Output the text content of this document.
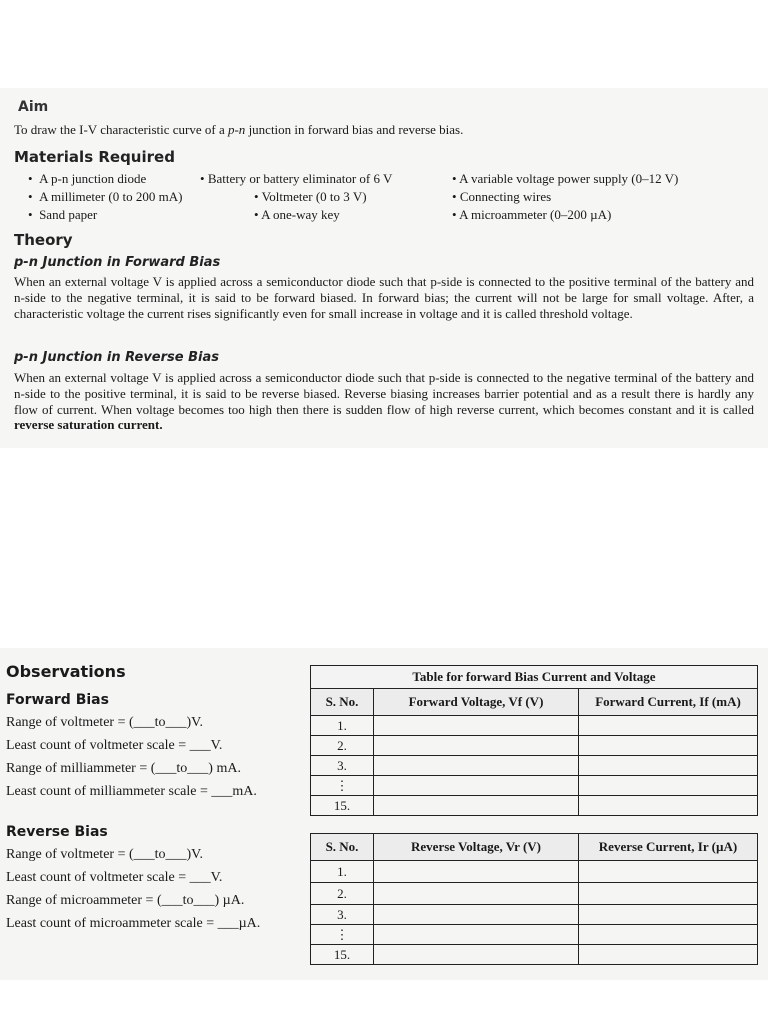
Aim
To draw the I-V characteristic curve of a p-n junction in forward bias and reverse bias.
Materials Required
•  A p-n junction diode
•  A millimeter (0 to 200 mA)
•  Sand paper
• Battery or battery eliminator of 6 V
• Voltmeter (0 to 3 V)
• A one-way key
• A variable voltage power supply (0–12 V)
• Connecting wires
• A microammeter (0–200 µA)
Theory
p-n Junction in Forward Bias
When an external voltage V is applied across a semiconductor diode such that p-side is connected to the positive terminal of the battery and n-side to the negative terminal, it is said to be forward biased. In forward bias; the current will not be large for small voltage. After, a characteristic voltage the current rises significantly even for small increase in voltage and it is called threshold voltage.
p-n Junction in Reverse Bias
When an external voltage V is applied across a semiconductor diode such that p-side is connected to the negative terminal of the battery and n-side to the positive terminal, it is said to be reverse biased. Reverse biasing increases barrier potential and as a result there is hardly any flow of current. When voltage becomes too high then there is sudden flow of high reverse current, which becomes constant and it is called reverse saturation current.
Observations
Forward Bias
Range of voltmeter = (___to___)V.
Least count of voltmeter scale = ___V.
Range of milliammeter = (___to___) mA.
Least count of milliammeter scale = ___mA.
Reverse Bias
Range of voltmeter = (___to___)V.
Least count of voltmeter scale = ___V.
Range of microammeter = (___to___) µA.
Least count of microammeter scale = ___µA.
Table for forward Bias Current and Voltage		
S. No.	Forward Voltage, Vf (V)	Forward Current, If (mA)
1.		
2.		
3.		
⋮		
15.		
S. No.	Reverse Voltage, Vr (V)	Reverse Current, Ir (µA)
1.		
2.		
3.		
⋮		
15.		
